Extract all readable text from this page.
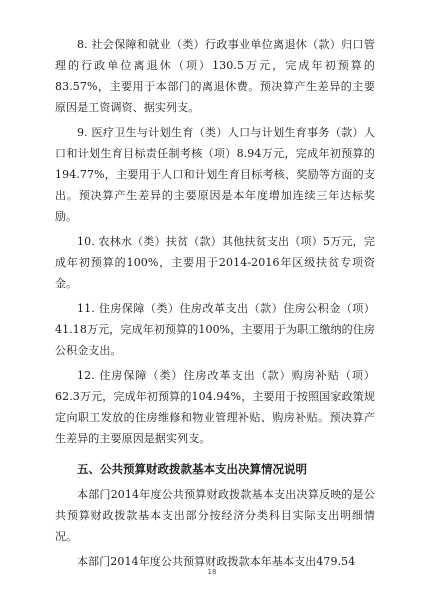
8. 社会保障和就业（类）行政事业单位离退休（款）归口管理的行政单位离退休（项）130.5万元，完成年初预算的83.57%，主要用于本部门的离退休费。预决算产生差异的主要原因是工资调资、据实列支。

9. 医疗卫生与计划生育（类）人口与计划生育事务（款）人口和计划生育目标责任制考核（项）8.94万元，完成年初预算的194.77%，主要用于人口和计划生育目标考核、奖励等方面的支出。预决算产生差异的主要原因是本年度增加连续三年达标奖励。

10. 农林水（类）扶贫（款）其他扶贫支出（项）5万元，完成年初预算的100%，主要用于2014-2016年区级扶贫专项资金。

11. 住房保障（类）住房改革支出（款）住房公积金（项）41.18万元，完成年初预算的100%，主要用于为职工缴纳的住房公积金支出。

12. 住房保障（类）住房改革支出（款）购房补贴（项）62.3万元，完成年初预算的104.94%，主要用于按照国家政策规定向职工发放的住房维修和物业管理补贴、购房补贴。预决算产生差异的主要原因是据实列支。

五、公共预算财政拨款基本支出决算情况说明

本部门2014年度公共预算财政拨款基本支出决算反映的是公共预算财政拨款基本支出部分按经济分类科目实际支出明细情况。

本部门2014年度公共预算财政拨款本年基本支出479.54

18
